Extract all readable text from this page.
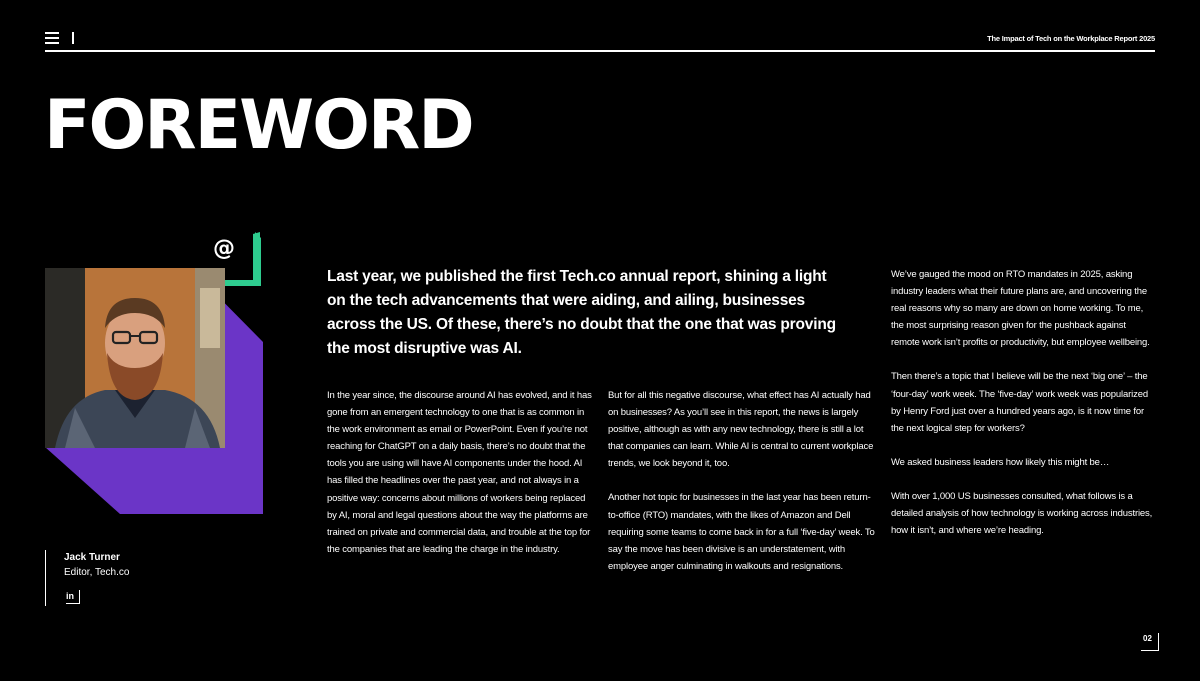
The Impact of Tech on the Workplace Report 2025
FOREWORD
@
Jack Turner
Editor, Tech.co
in

Last year, we published the first Tech.co annual report, shining a light on the tech advancements that were aiding, and ailing, businesses across the US. Of these, there’s no doubt that the one that was proving the most disruptive was AI.

In the year since, the discourse around AI has evolved, and it has gone from an emergent technology to one that is as common in the work environment as email or PowerPoint. Even if you’re not reaching for ChatGPT on a daily basis, there’s no doubt that the tools you are using will have AI components under the hood. AI has filled the headlines over the past year, and not always in a positive way: concerns about millions of workers being replaced by AI, moral and legal questions about the way the platforms are trained on private and commercial data, and trouble at the top for the companies that are leading the charge in the industry.

But for all this negative discourse, what effect has AI actually had on businesses? As you’ll see in this report, the news is largely positive, although as with any new technology, there is still a lot that companies can learn. While AI is central to current workplace trends, we look beyond it, too.

Another hot topic for businesses in the last year has been return-to-office (RTO) mandates, with the likes of Amazon and Dell requiring some teams to come back in for a full ‘five-day’ week. To say the move has been divisive is an understatement, with employee anger culminating in walkouts and resignations.

We’ve gauged the mood on RTO mandates in 2025, asking industry leaders what their future plans are, and uncovering the real reasons why so many are down on home working. To me, the most surprising reason given for the pushback against remote work isn’t profits or productivity, but employee wellbeing.

Then there’s a topic that I believe will be the next ‘big one’ – the ‘four-day’ work week. The ‘five-day’ work week was popularized by Henry Ford just over a hundred years ago, is it now time for the next logical step for workers?

We asked business leaders how likely this might be…

With over 1,000 US businesses consulted, what follows is a detailed analysis of how technology is working across industries, how it isn’t, and where we’re heading.

02
